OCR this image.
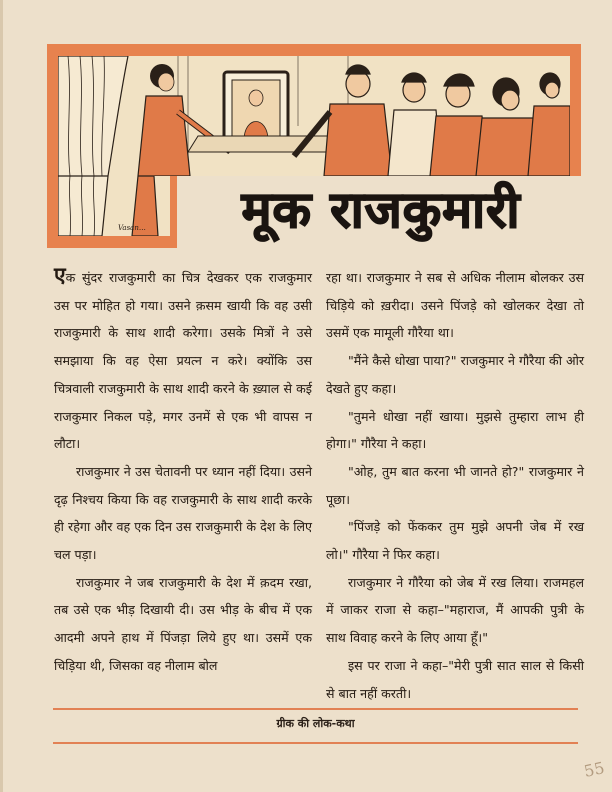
Vasan…	मूक राजकुमारी

एक सुंदर राजकुमारी का चित्र देखकर एक राजकुमार उस पर मोहित हो गया। उसने क़सम खायी कि वह उसी राजकुमारी के साथ शादी करेगा। उसके मित्रों ने उसे समझाया कि वह ऐसा प्रयत्न न करे। क्योंकि उस चित्रवाली राजकुमारी के साथ शादी करने के ख़्याल से कई राजकुमार निकल पड़े, मगर उनमें से एक भी वापस न लौटा।

राजकुमार ने उस चेतावनी पर ध्यान नहीं दिया। उसने दृढ़ निश्चय किया कि वह राजकुमारी के साथ शादी करके ही रहेगा और वह एक दिन उस राजकुमारी के देश के लिए चल पड़ा।

राजकुमार ने जब राजकुमारी के देश में क़दम रखा, तब उसे एक भीड़ दिखायी दी। उस भीड़ के बीच में एक आदमी अपने हाथ में पिंजड़ा लिये हुए था। उसमें एक चिड़िया थी, जिसका वह नीलाम बोल

रहा था। राजकुमार ने सब से अधिक नीलाम बोलकर उस चिड़िये को ख़रीदा। उसने पिंजड़े को खोलकर देखा तो उसमें एक मामूली गौरैया था।

"मैंने कैसे धोखा पाया?" राजकुमार ने गौरैया की ओर देखते हुए कहा।

"तुमने धोखा नहीं खाया। मुझसे तुम्हारा लाभ ही होगा।" गौरैया ने कहा।

"ओह, तुम बात करना भी जानते हो?" राजकुमार ने पूछा।

"पिंजड़े को फेंककर तुम मुझे अपनी जेब में रख लो।" गौरैया ने फिर कहा।

राजकुमार ने गौरैया को जेब में रख लिया। राजमहल में जाकर राजा से कहा–"महाराज, मैं आपकी पुत्री के साथ विवाह करने के लिए आया हूँ।"

इस पर राजा ने कहा–"मेरी पुत्री सात साल से किसी से बात नहीं करती।

ग्रीक की लोक-कथा
55
